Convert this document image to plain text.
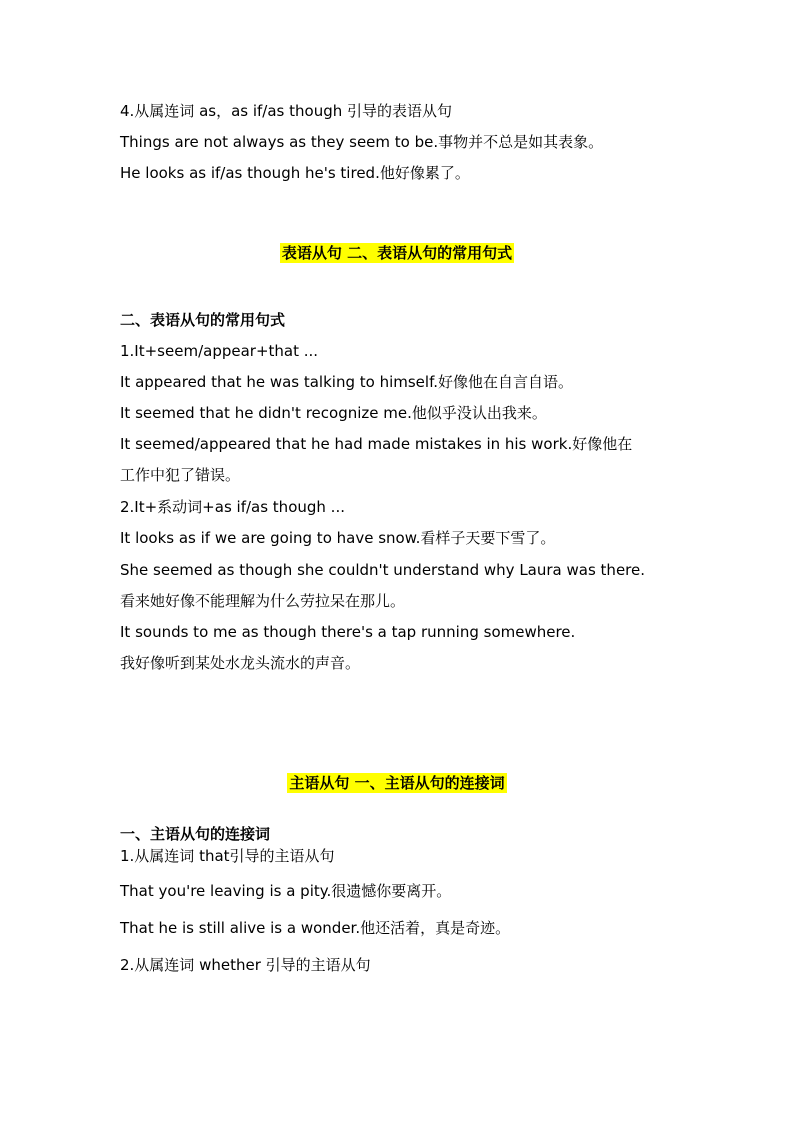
4.从属连词 as，as if/as though 引导的表语从句
Things are not always as they seem to be.事物并不总是如其表象。
He looks as if/as though he's tired.他好像累了。
表语从句 二、表语从句的常用句式
二、表语从句的常用句式
1.It+seem/appear+that ...
It appeared that he was talking to himself.好像他在自言自语。
It seemed that he didn't recognize me.他似乎没认出我来。
It seemed/appeared that he had made mistakes in his work.好像他在
工作中犯了错误。
2.It+系动词+as if/as though ...
It looks as if we are going to have snow.看样子天要下雪了。
She seemed as though she couldn't understand why Laura was there.
看来她好像不能理解为什么劳拉呆在那儿。
It sounds to me as though there's a tap running somewhere.
我好像听到某处水龙头流水的声音。
主语从句 一、主语从句的连接词
一、主语从句的连接词
1.从属连词 that引导的主语从句
That you're leaving is a pity.很遗憾你要离开。
That he is still alive is a wonder.他还活着，真是奇迹。
2.从属连词 whether 引导的主语从句
